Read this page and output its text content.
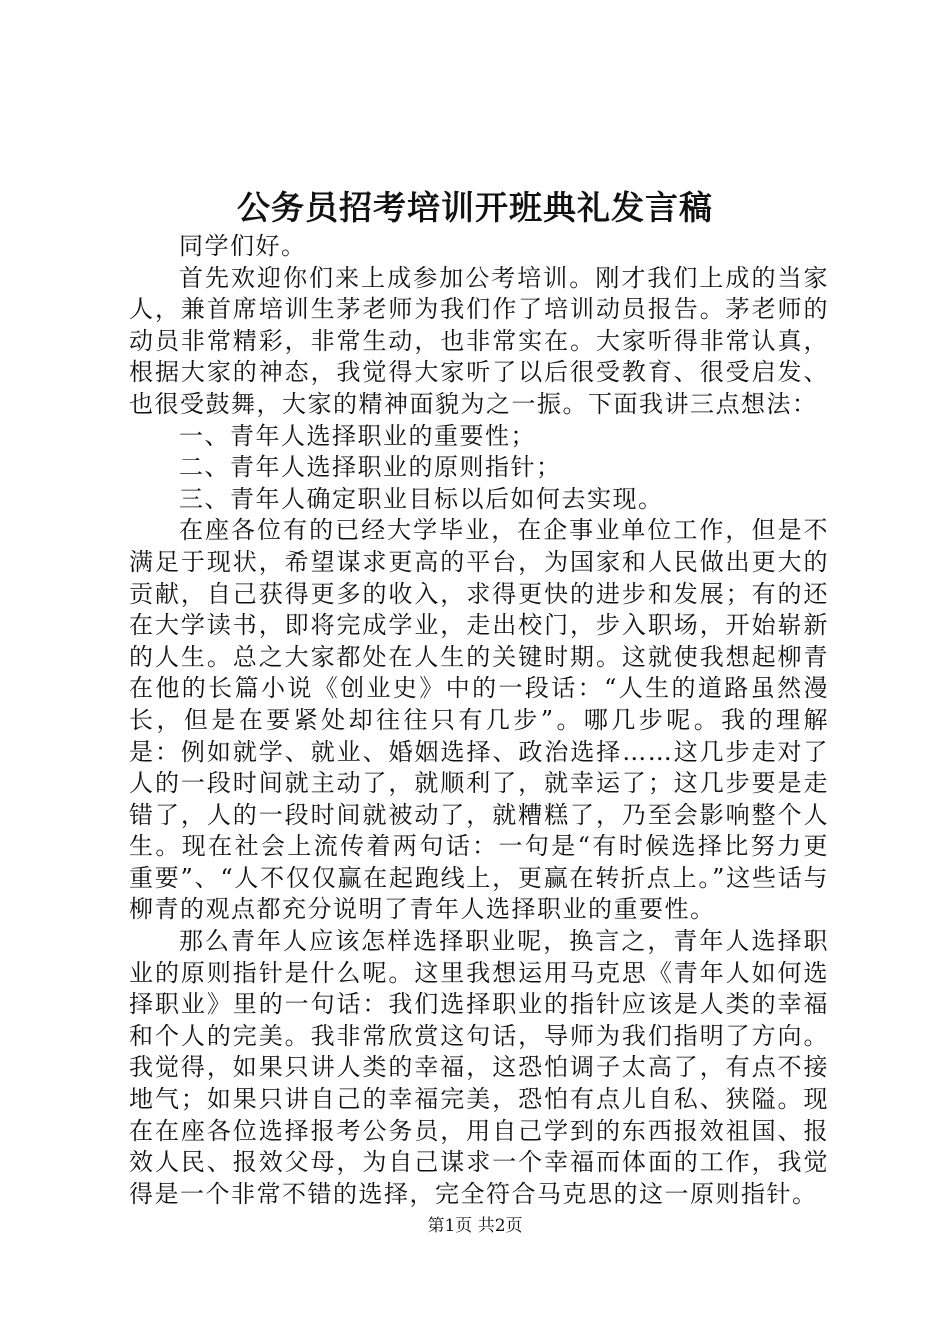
公务员招考培训开班典礼发言稿

同学们好。

首先欢迎你们来上成参加公考培训。刚才我们上成的当家人，兼首席培训生茅老师为我们作了培训动员报告。茅老师的动员非常精彩，非常生动，也非常实在。大家听得非常认真，根据大家的神态，我觉得大家听了以后很受教育、很受启发、也很受鼓舞，大家的精神面貌为之一振。下面我讲三点想法：

一、青年人选择职业的重要性；

二、青年人选择职业的原则指针；

三、青年人确定职业目标以后如何去实现。

在座各位有的已经大学毕业，在企事业单位工作，但是不满足于现状，希望谋求更高的平台，为国家和人民做出更大的贡献，自己获得更多的收入，求得更快的进步和发展；有的还在大学读书，即将完成学业，走出校门，步入职场，开始崭新的人生。总之大家都处在人生的关键时期。这就使我想起柳青在他的长篇小说《创业史》中的一段话：“人生的道路虽然漫长，但是在要紧处却往往只有几步”。哪几步呢。我的理解是：例如就学、就业、婚姻选择、政治选择……这几步走对了人的一段时间就主动了，就顺利了，就幸运了；这几步要是走错了，人的一段时间就被动了，就糟糕了，乃至会影响整个人生。现在社会上流传着两句话：一句是“有时候选择比努力更重要”、“人不仅仅赢在起跑线上，更赢在转折点上。”这些话与柳青的观点都充分说明了青年人选择职业的重要性。

那么青年人应该怎样选择职业呢，换言之，青年人选择职业的原则指针是什么呢。这里我想运用马克思《青年人如何选择职业》里的一句话：我们选择职业的指针应该是人类的幸福和个人的完美。我非常欣赏这句话，导师为我们指明了方向。我觉得，如果只讲人类的幸福，这恐怕调子太高了，有点不接地气；如果只讲自己的幸福完美，恐怕有点儿自私、狭隘。现在在座各位选择报考公务员，用自己学到的东西报效祖国、报效人民、报效父母，为自己谋求一个幸福而体面的工作，我觉得是一个非常不错的选择，完全符合马克思的这一原则指针。

第1页 共2页
